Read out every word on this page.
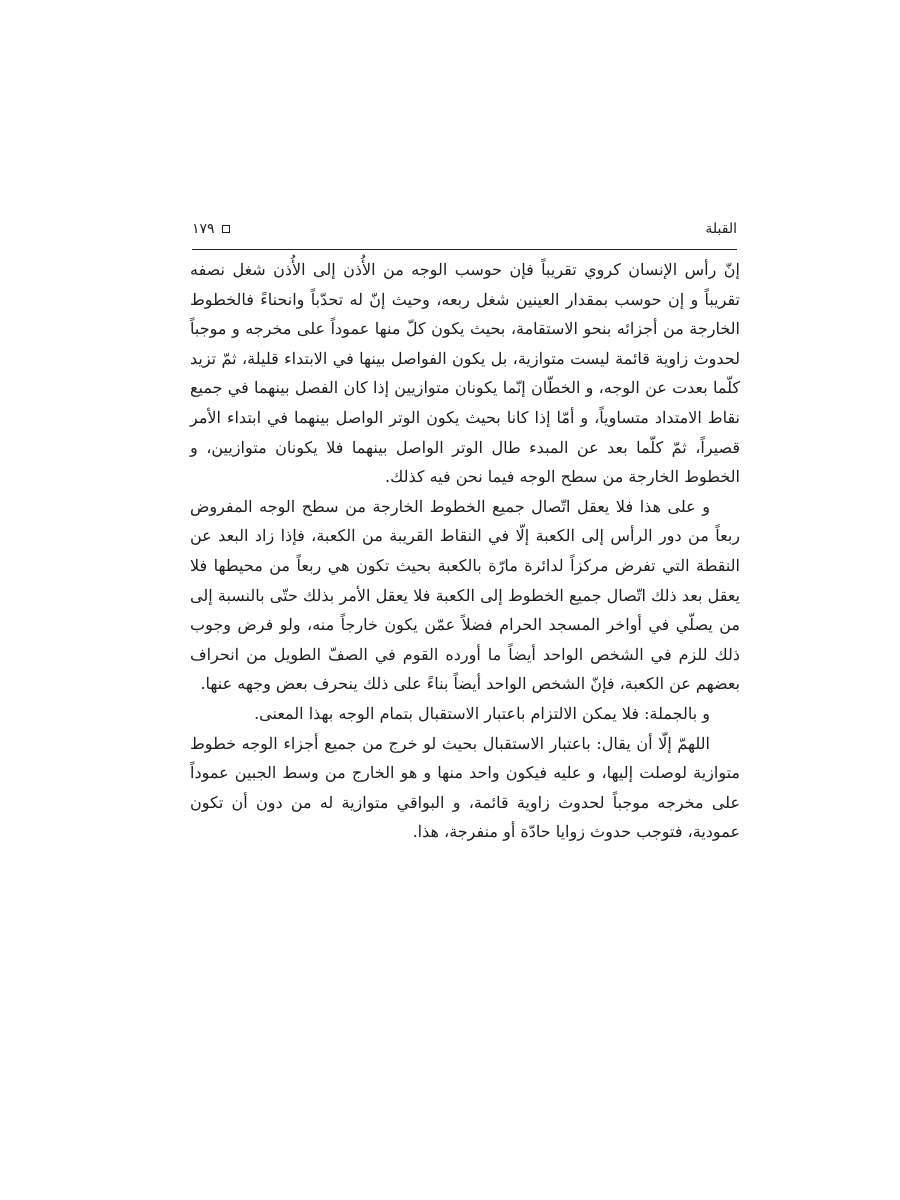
١٧٩	القبلة

إنّ رأس الإنسان كروي تقريباً فإن حوسب الوجه من الأُذن إلى الأُذن شغل نصفه تقريباً و إن حوسب بمقدار العينين شغل ربعه، وحيث إنّ له تحدّباً وانحناءً فالخطوط الخارجة من أجزائه بنحو الاستقامة، بحيث يكون كلّ منها عموداً على مخرجه و موجباً لحدوث زاوية قائمة ليست متوازية، بل يكون الفواصل بينها في الابتداء قليلة، ثمّ تزيد كلّما بعدت عن الوجه، و الخطّان إنّما يكونان متوازيين إذا كان الفصل بينهما في جميع نقاط الامتداد متساوياً، و أمّا إذا كانا بحيث يكون الوتر الواصل بينهما في ابتداء الأمر قصيراً، ثمّ كلّما بعد عن المبدء طال الوتر الواصل بينهما فلا يكونان متوازيين، و الخطوط الخارجة من سطح الوجه فيما نحن فيه كذلك.

و على هذا فلا يعقل اتّصال جميع الخطوط الخارجة من سطح الوجه المفروض ربعاً من دور الرأس إلى الكعبة إلّا في النقاط القريبة من الكعبة، فإذا زاد البعد عن النقطة التي تفرض مركزاً لدائرة مارّة بالكعبة بحيث تكون هي ربعاً من محيطها فلا يعقل بعد ذلك اتّصال جميع الخطوط إلى الكعبة فلا يعقل الأمر بذلك حتّى بالنسبة إلى من يصلّي في أواخر المسجد الحرام فضلاً عمّن يكون خارجاً منه، ولو فرض وجوب ذلك للزم في الشخص الواحد أيضاً ما أورده القوم في الصفّ الطويل من انحراف بعضهم عن الكعبة، فإنّ الشخص الواحد أيضاً بناءً على ذلك ينحرف بعض وجهه عنها.

و بالجملة: فلا يمكن الالتزام باعتبار الاستقبال بتمام الوجه بهذا المعنى.

اللهمّ إلّا أن يقال: باعتبار الاستقبال بحيث لو خرج من جميع أجزاء الوجه خطوط متوازية لوصلت إليها، و عليه فيكون واحد منها و هو الخارج من وسط الجبين عموداً على مخرجه موجباً لحدوث زاوية قائمة، و البواقي متوازية له من دون أن تكون عمودية، فتوجب حدوث زوايا حادّة أو منفرجة، هذا.
